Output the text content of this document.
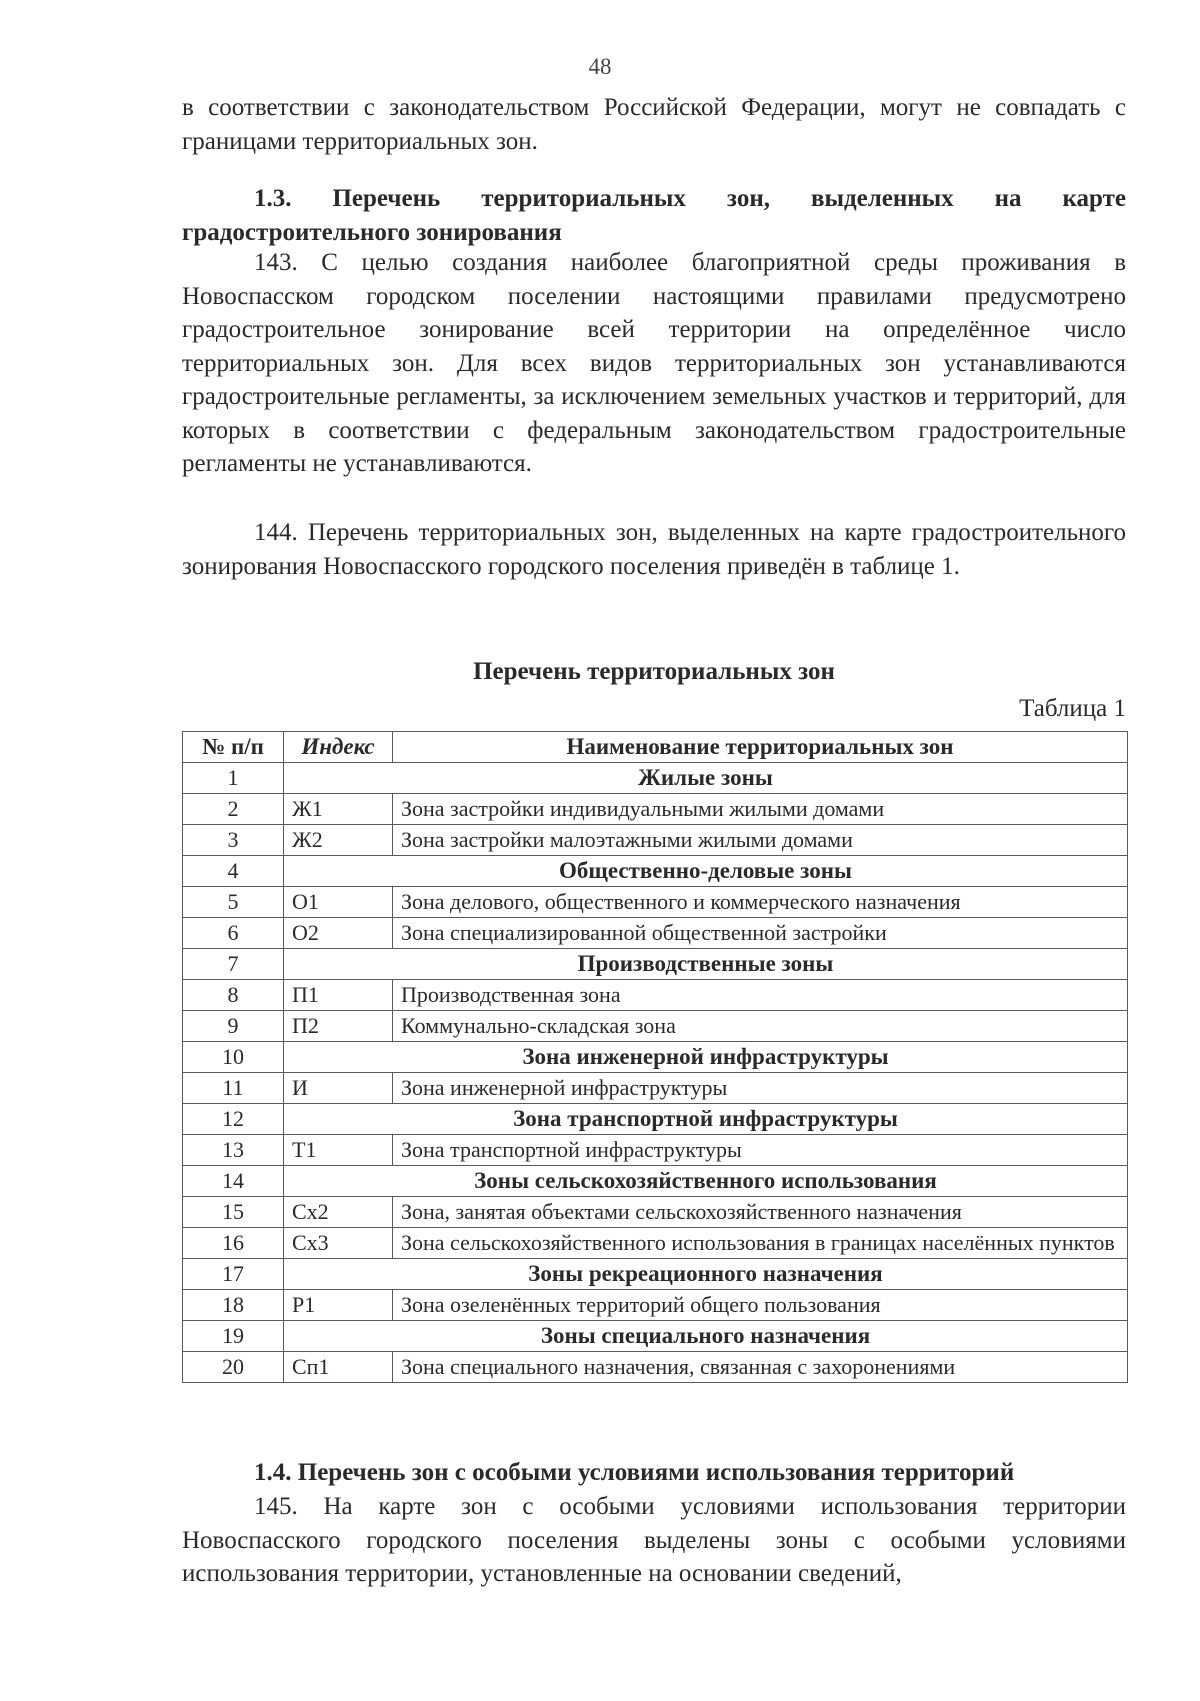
48

в соответствии с законодательством Российской Федерации, могут не совпадать с границами территориальных зон.

1.3. Перечень территориальных зон, выделенных на карте градостроительного зонирования

143. С целью создания наиболее благоприятной среды проживания в Новоспасском городском поселении настоящими правилами предусмотрено градостроительное зонирование всей территории на определённое число территориальных зон. Для всех видов территориальных зон устанавливаются градостроительные регламенты, за исключением земельных участков и территорий, для которых в соответствии с федеральным законодательством градостроительные регламенты не устанавливаются.

144. Перечень территориальных зон, выделенных на карте градостроительного зонирования Новоспасского городского поселения приведён в таблице 1.

Перечень территориальных зон

Таблица 1

№ п/п	Индекс	Наименование территориальных зон
1	Жилые зоны	
2	Ж1	Зона застройки индивидуальными жилыми домами
3	Ж2	Зона застройки малоэтажными жилыми домами
4	Общественно-деловые зоны	
5	О1	Зона делового, общественного и коммерческого назначения
6	О2	Зона специализированной общественной застройки
7	Производственные зоны	
8	П1	Производственная зона
9	П2	Коммунально-складская зона
10	Зона инженерной инфраструктуры	
11	И	Зона инженерной инфраструктуры
12	Зона транспортной инфраструктуры	
13	Т1	Зона транспортной инфраструктуры
14	Зоны сельскохозяйственного использования	
15	Сх2	Зона, занятая объектами сельскохозяйственного назначения
16	Сх3	Зона сельскохозяйственного использования в границах населённых пунктов
17	Зоны рекреационного назначения	
18	Р1	Зона озеленённых территорий общего пользования
19	Зоны специального назначения	
20	Сп1	Зона специального назначения, связанная с захоронениями

1.4. Перечень зон с особыми условиями использования территорий

145. На карте зон с особыми условиями использования территории Новоспасского городского поселения выделены зоны с особыми условиями использования территории, установленные на основании сведений,
